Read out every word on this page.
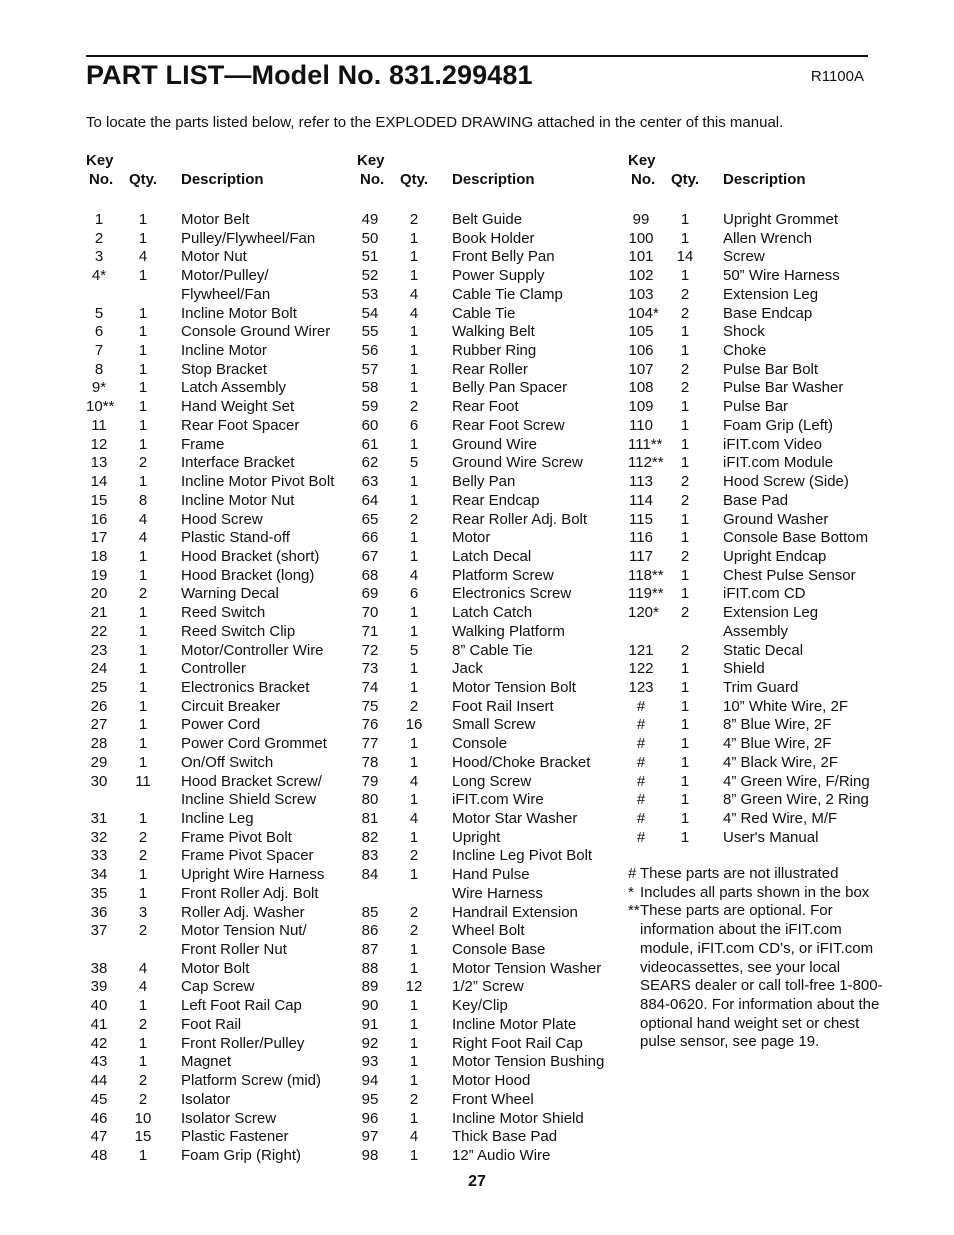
PART LIST—Model No. 831.299481	R1100A
To locate the parts listed below, refer to the EXPLODED DRAWING attached in the center of this manual.
Key
No. Qty. Description
1	1	Motor Belt
2	1	Pulley/Flywheel/Fan
3	4	Motor Nut
4*	1	Motor/Pulley/
Flywheel/Fan
5	1	Incline Motor Bolt
6	1	Console Ground Wirer
7	1	Incline Motor
8	1	Stop Bracket
9*	1	Latch Assembly
10**	1	Hand Weight Set
11	1	Rear Foot Spacer
12	1	Frame
13	2	Interface Bracket
14	1	Incline Motor Pivot Bolt
15	8	Incline Motor Nut
16	4	Hood Screw
17	4	Plastic Stand-off
18	1	Hood Bracket (short)
19	1	Hood Bracket (long)
20	2	Warning Decal
21	1	Reed Switch
22	1	Reed Switch Clip
23	1	Motor/Controller Wire
24	1	Controller
25	1	Electronics Bracket
26	1	Circuit Breaker
27	1	Power Cord
28	1	Power Cord Grommet
29	1	On/Off Switch
30	11	Hood Bracket Screw/
Incline Shield Screw
31	1	Incline Leg
32	2	Frame Pivot Bolt
33	2	Frame Pivot Spacer
34	1	Upright Wire Harness
35	1	Front Roller Adj. Bolt
36	3	Roller Adj. Washer
37	2	Motor Tension Nut/
Front Roller Nut
38	4	Motor Bolt
39	4	Cap Screw
40	1	Left Foot Rail Cap
41	2	Foot Rail
42	1	Front Roller/Pulley
43	1	Magnet
44	2	Platform Screw (mid)
45	2	Isolator
46	10	Isolator Screw
47	15	Plastic Fastener
48	1	Foam Grip (Right)
Key
No. Qty. Description
49	2	Belt Guide
50	1	Book Holder
51	1	Front Belly Pan
52	1	Power Supply
53	4	Cable Tie Clamp
54	4	Cable Tie
55	1	Walking Belt
56	1	Rubber Ring
57	1	Rear Roller
58	1	Belly Pan Spacer
59	2	Rear Foot
60	6	Rear Foot Screw
61	1	Ground Wire
62	5	Ground Wire Screw
63	1	Belly Pan
64	1	Rear Endcap
65	2	Rear Roller Adj. Bolt
66	1	Motor
67	1	Latch Decal
68	4	Platform Screw
69	6	Electronics Screw
70	1	Latch Catch
71	1	Walking Platform
72	5	8” Cable Tie
73	1	Jack
74	1	Motor Tension Bolt
75	2	Foot Rail Insert
76	16	Small Screw
77	1	Console
78	1	Hood/Choke Bracket
79	4	Long Screw
80	1	iFIT.com Wire
81	4	Motor Star Washer
82	1	Upright
83	2	Incline Leg Pivot Bolt
84	1	Hand Pulse
Wire Harness
85	2	Handrail Extension
86	2	Wheel Bolt
87	1	Console Base
88	1	Motor Tension Washer
89	12	1/2” Screw
90	1	Key/Clip
91	1	Incline Motor Plate
92	1	Right Foot Rail Cap
93	1	Motor Tension Bushing
94	1	Motor Hood
95	2	Front Wheel
96	1	Incline Motor Shield
97	4	Thick Base Pad
98	1	12” Audio Wire
Key
No. Qty. Description
99	1	Upright Grommet
100	1	Allen Wrench
101	14	Screw
102	1	50” Wire Harness
103	2	Extension Leg
104*	2	Base Endcap
105	1	Shock
106	1	Choke
107	2	Pulse Bar Bolt
108	2	Pulse Bar Washer
109	1	Pulse Bar
110	1	Foam Grip (Left)
111**	1	iFIT.com Video
112**	1	iFIT.com Module
113	2	Hood Screw (Side)
114	2	Base Pad
115	1	Ground Washer
116	1	Console Base Bottom
117	2	Upright Endcap
118**	1	Chest Pulse Sensor
119**	1	iFIT.com CD
120*	2	Extension Leg
Assembly
121	2	Static Decal
122	1	Shield
123	1	Trim Guard
#	1	10” White Wire, 2F
#	1	8” Blue Wire, 2F
#	1	4” Blue Wire, 2F
#	1	4” Black Wire, 2F
#	1	4” Green Wire, F/Ring
#	1	8” Green Wire, 2 Ring
#	1	4” Red Wire, M/F
#	1	User's Manual
# These parts are not illustrated
* Includes all parts shown in the box
** These parts are optional. For information about the iFIT.com module, iFIT.com CD’s, or iFIT.com videocassettes, see your local SEARS dealer or call toll-free 1-800-884-0620. For information about the optional hand weight set or chest pulse sensor, see page 19.
27
